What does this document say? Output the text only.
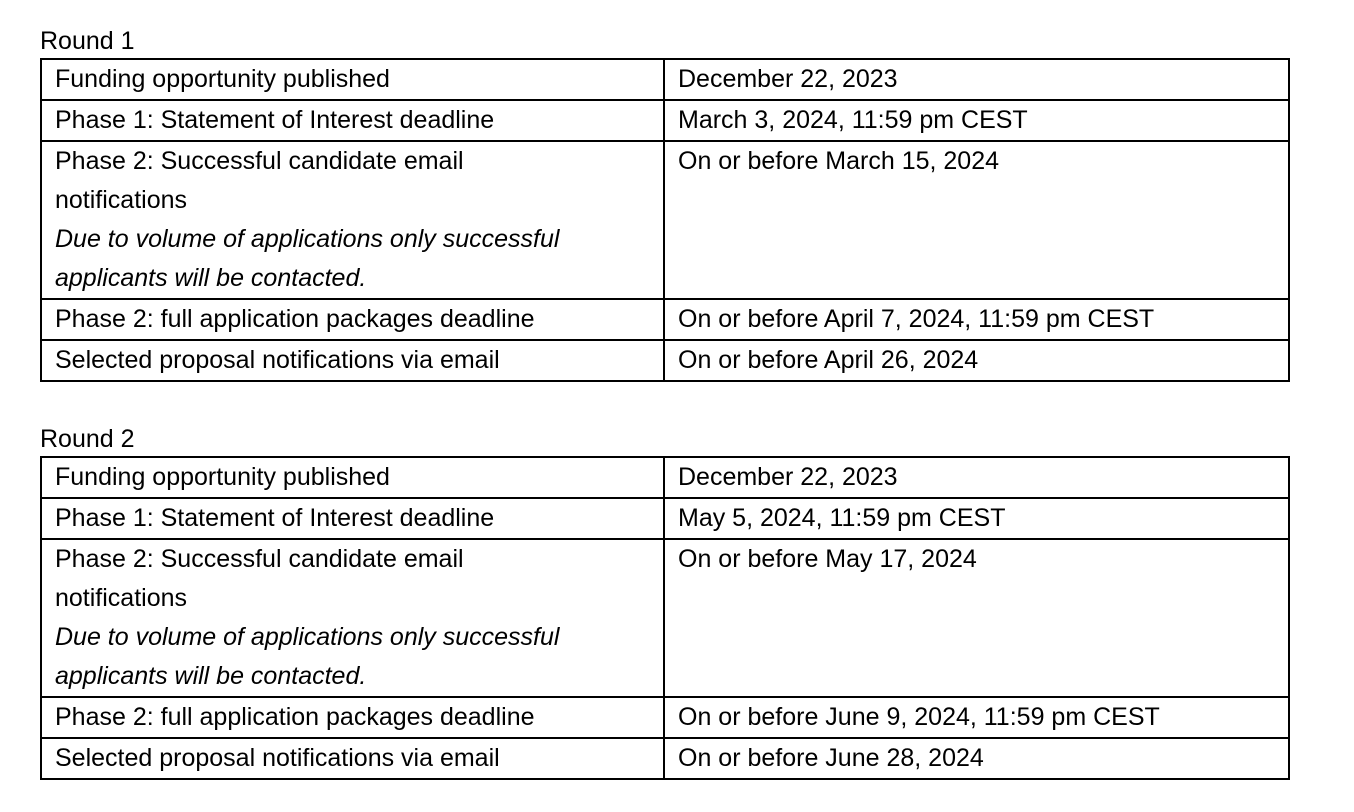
Round 1
Funding opportunity published	December 22, 2023
Phase 1: Statement of Interest deadline	March 3, 2024, 11:59 pm CEST

Phase 2: Successful candidate email
notifications
Due to volume of applications only successful
applicants will be contacted.	On or before March 15, 2024
Phase 2: full application packages deadline	On or before April 7, 2024, 11:59 pm CEST
Selected proposal notifications via email	On or before April 26, 2024
Round 2
Funding opportunity published	December 22, 2023
Phase 1: Statement of Interest deadline	May 5, 2024, 11:59 pm CEST

Phase 2: Successful candidate email
notifications
Due to volume of applications only successful
applicants will be contacted.	On or before May 17, 2024
Phase 2: full application packages deadline	On or before June 9, 2024, 11:59 pm CEST
Selected proposal notifications via email	On or before June 28, 2024
